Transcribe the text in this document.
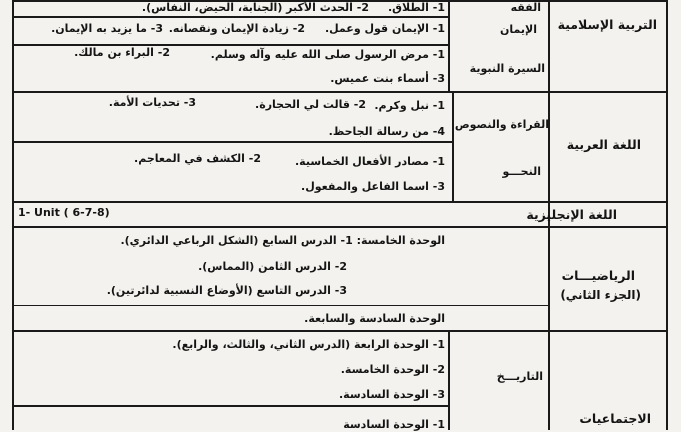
التربية الإسلامية
الفقه
1- الطلاق.
2- الحدث الأكبر (الجنابة، الحيض، النفاس).
الإيمان
1- الإيمان قول وعمل.
2- زيادة الإيمان ونقصانه.
3- ما يزيد به الإيمان.
السيرة النبوية
1- مرض الرسول صلى الله عليه وآله وسلم.
2- البراء بن مالك.
3- أسماء بنت عميس.
اللغة العربية
القراءة والنصوص
1- نبل وكرم.
2- قالت لي الحجارة.
3- تحديات الأمة.
4- من رسالة الجاحظ.
النحـــو
1- مصادر الأفعال الخماسية.
2- الكشف في المعاجم.
3- اسما الفاعل والمفعول.
اللغة الإنجليزية
1- Unit ( 6-7-8)
الرياضيـــات
(الجزء الثاني)
الوحدة الخامسة: 1- الدرس السابع (الشكل الرباعي الدائري).
2- الدرس الثامن (المماس).
3- الدرس التاسع (الأوضاع النسبية لدائرتين).
الوحدة السادسة والسابعة.
التاريـــخ
1- الوحدة الرابعة (الدرس الثاني، والثالث، والرابع).
2- الوحدة الخامسة.
3- الوحدة السادسة.
1- الوحدة السادسة	الاجتماعيات
